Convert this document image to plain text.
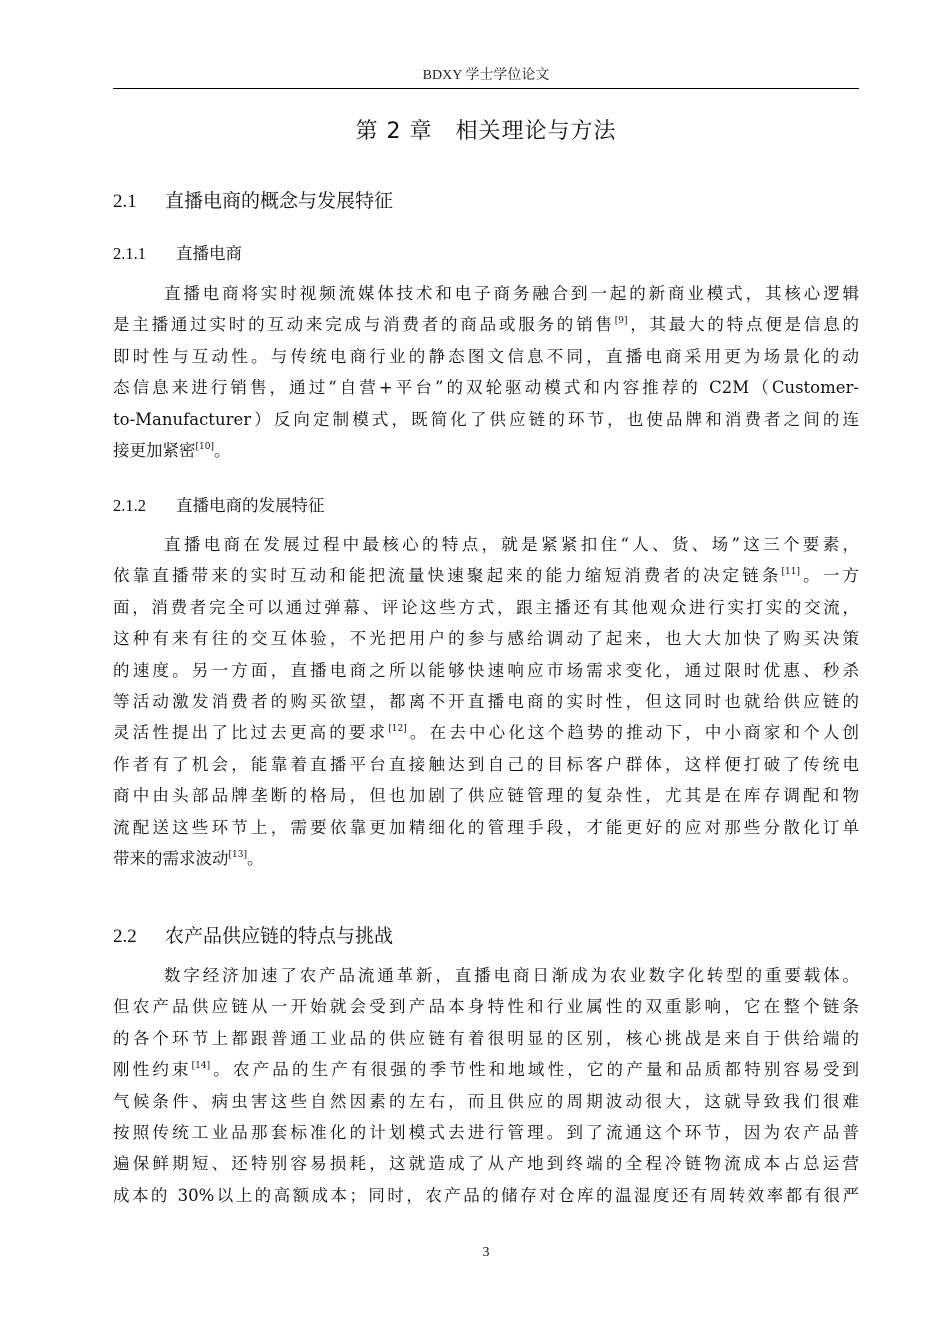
BDXY 学士学位论文
第 2 章　相关理论与方法
2.1 直播电商的概念与发展特征
2.1.1 直播电商
直播电商将实时视频流媒体技术和电子商务融合到一起的新商业模式，其核心逻辑
是主播通过实时的互动来完成与消费者的商品或服务的销售[9]，其最大的特点便是信息的
即时性与互动性。与传统电商行业的静态图文信息不同，直播电商采用更为场景化的动
态信息来进行销售，通过“自营+平台”的双轮驱动模式和内容推荐的 C2M（Customer-
to-Manufacturer）反向定制模式，既简化了供应链的环节，也使品牌和消费者之间的连
接更加紧密[10]。
2.1.2 直播电商的发展特征
直播电商在发展过程中最核心的特点，就是紧紧扣住“人、货、场”这三个要素，
依靠直播带来的实时互动和能把流量快速聚起来的能力缩短消费者的决定链条[11]。一方
面，消费者完全可以通过弹幕、评论这些方式，跟主播还有其他观众进行实打实的交流，
这种有来有往的交互体验，不光把用户的参与感给调动了起来，也大大加快了购买决策
的速度。另一方面，直播电商之所以能够快速响应市场需求变化，通过限时优惠、秒杀
等活动激发消费者的购买欲望，都离不开直播电商的实时性，但这同时也就给供应链的
灵活性提出了比过去更高的要求[12]。在去中心化这个趋势的推动下，中小商家和个人创
作者有了机会，能靠着直播平台直接触达到自己的目标客户群体，这样便打破了传统电
商中由头部品牌垄断的格局，但也加剧了供应链管理的复杂性，尤其是在库存调配和物
流配送这些环节上，需要依靠更加精细化的管理手段，才能更好的应对那些分散化订单
带来的需求波动[13]。
2.2 农产品供应链的特点与挑战
数字经济加速了农产品流通革新，直播电商日渐成为农业数字化转型的重要载体。
但农产品供应链从一开始就会受到产品本身特性和行业属性的双重影响，它在整个链条
的各个环节上都跟普通工业品的供应链有着很明显的区别，核心挑战是来自于供给端的
刚性约束[14]。农产品的生产有很强的季节性和地域性，它的产量和品质都特别容易受到
气候条件、病虫害这些自然因素的左右，而且供应的周期波动很大，这就导致我们很难
按照传统工业品那套标准化的计划模式去进行管理。到了流通这个环节，因为农产品普
遍保鲜期短、还特别容易损耗，这就造成了从产地到终端的全程冷链物流成本占总运营
成本的 30%以上的高额成本；同时，农产品的储存对仓库的温湿度还有周转效率都有很严
3
